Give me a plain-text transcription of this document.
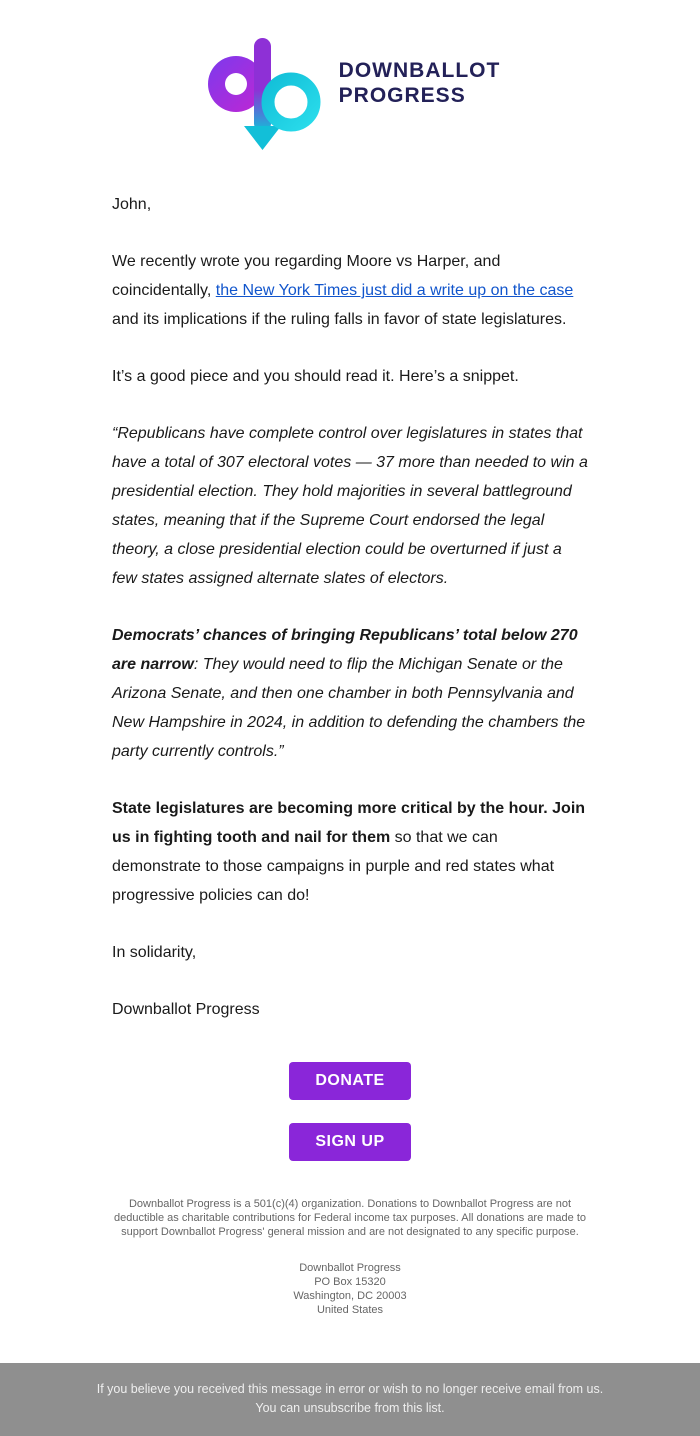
DOWNBALLOT
PROGRESS

John,

We recently wrote you regarding Moore vs Harper, and coincidentally, the New York Times just did a write up on the case and its implications if the ruling falls in favor of state legislatures.

It’s a good piece and you should read it. Here’s a snippet.

“Republicans have complete control over legislatures in states that have a total of 307 electoral votes — 37 more than needed to win a presidential election. They hold majorities in several battleground states, meaning that if the Supreme Court endorsed the legal theory, a close presidential election could be overturned if just a few states assigned alternate slates of electors.

Democrats’ chances of bringing Republicans’ total below 270 are narrow: They would need to flip the Michigan Senate or the Arizona Senate, and then one chamber in both Pennsylvania and New Hampshire in 2024, in addition to defending the chambers the party currently controls.”

State legislatures are becoming more critical by the hour. Join us in fighting tooth and nail for them so that we can demonstrate to those campaigns in purple and red states what progressive policies can do!

In solidarity,

Downballot Progress

DONATE
SIGN UP
Downballot Progress is a 501(c)(4) organization. Donations to Downballot Progress are not deductible as charitable contributions for Federal income tax purposes. All donations are made to support Downballot Progress' general mission and are not designated to any specific purpose.
Downballot Progress
PO Box 15320
Washington, DC 20003
United States
If you believe you received this message in error or wish to no longer receive email from us.
You can unsubscribe from this list.
